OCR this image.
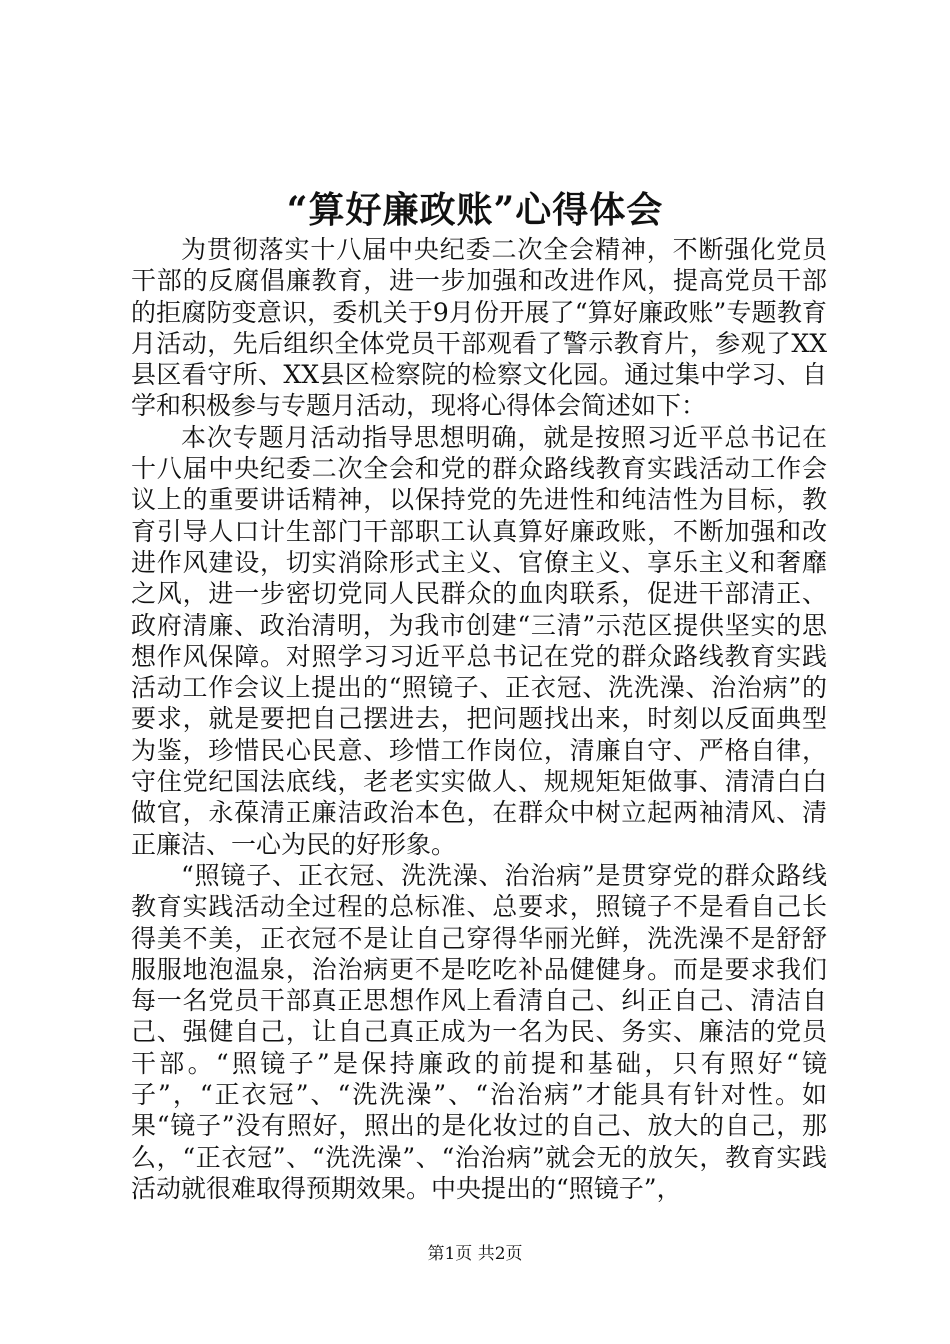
“算好廉政账”心得体会

为贯彻落实十八届中央纪委二次全会精神，不断强化党员干部的反腐倡廉教育，进一步加强和改进作风，提高党员干部的拒腐防变意识，委机关于9月份开展了“算好廉政账”专题教育月活动，先后组织全体党员干部观看了警示教育片，参观了XX县区看守所、XX县区检察院的检察文化园。通过集中学习、自学和积极参与专题月活动，现将心得体会简述如下：

本次专题月活动指导思想明确，就是按照习近平总书记在十八届中央纪委二次全会和党的群众路线教育实践活动工作会议上的重要讲话精神，以保持党的先进性和纯洁性为目标，教育引导人口计生部门干部职工认真算好廉政账，不断加强和改进作风建设，切实消除形式主义、官僚主义、享乐主义和奢靡之风，进一步密切党同人民群众的血肉联系，促进干部清正、政府清廉、政治清明，为我市创建“三清”示范区提供坚实的思想作风保障。对照学习习近平总书记在党的群众路线教育实践活动工作会议上提出的“照镜子、正衣冠、洗洗澡、治治病”的要求，就是要把自己摆进去，把问题找出来，时刻以反面典型为鉴，珍惜民心民意、珍惜工作岗位，清廉自守、严格自律，守住党纪国法底线，老老实实做人、规规矩矩做事、清清白白做官，永葆清正廉洁政治本色，在群众中树立起两袖清风、清正廉洁、一心为民的好形象。

“照镜子、正衣冠、洗洗澡、治治病”是贯穿党的群众路线教育实践活动全过程的总标准、总要求，照镜子不是看自己长得美不美，正衣冠不是让自己穿得华丽光鲜，洗洗澡不是舒舒服服地泡温泉，治治病更不是吃吃补品健健身。而是要求我们每一名党员干部真正思想作风上看清自己、纠正自己、清洁自己、强健自己，让自己真正成为一名为民、务实、廉洁的党员干部。“照镜子”是保持廉政的前提和基础，只有照好“镜子”，“正衣冠”、“洗洗澡”、“治治病”才能具有针对性。如果“镜子”没有照好，照出的是化妆过的自己、放大的自己，那么，“正衣冠”、“洗洗澡”、“治治病”就会无的放矢，教育实践活动就很难取得预期效果。中央提出的“照镜子”，

第1页 共2页
